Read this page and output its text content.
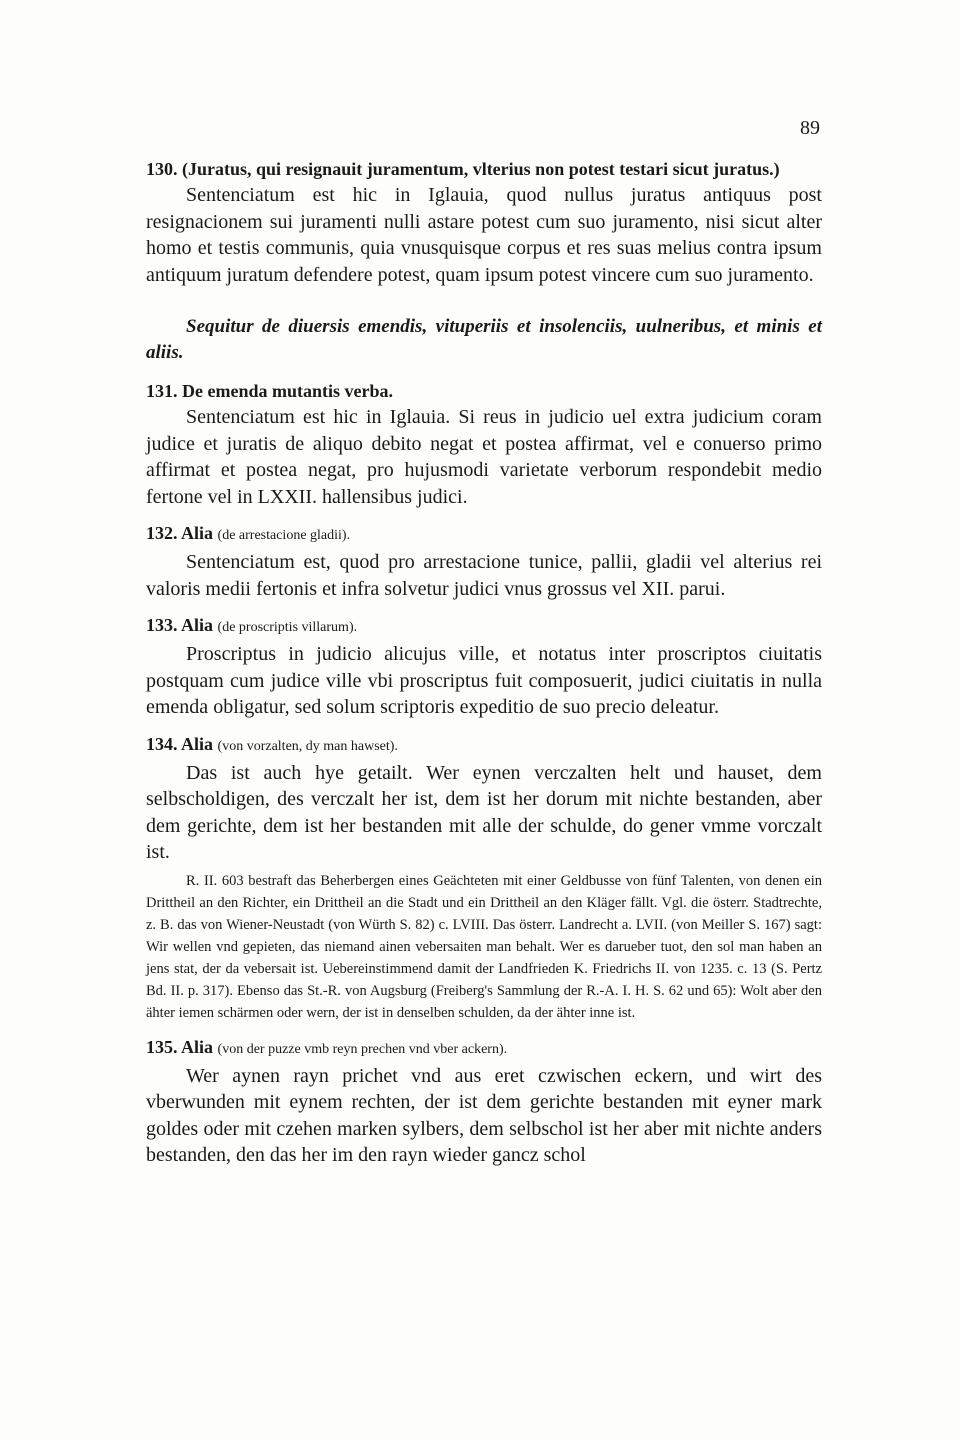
89
130. (Juratus, qui resignauit juramentum, vlterius non potest testari sicut juratus.)

Sentenciatum est hic in Iglauia, quod nullus juratus antiquus post resignacionem sui juramenti nulli astare potest cum suo juramento, nisi sicut alter homo et testis communis, quia vnusquisque corpus et res suas melius contra ipsum antiquum juratum defendere potest, quam ipsum potest vincere cum suo juramento.

Sequitur de diuersis emendis, vituperiis et insolenciis, uulneribus, et minis et aliis.

131. De emenda mutantis verba.

Sentenciatum est hic in Iglauia. Si reus in judicio uel extra judicium coram judice et juratis de aliquo debito negat et postea affirmat, vel e conuerso primo affirmat et postea negat, pro hujusmodi varietate verborum respondebit medio fertone vel in LXXII. hallensibus judici.

132. Alia (de arrestacione gladii).

Sentenciatum est, quod pro arrestacione tunice, pallii, gladii vel alterius rei valoris medii fertonis et infra solvetur judici vnus grossus vel XII. parui.

133. Alia (de proscriptis villarum).

Proscriptus in judicio alicujus ville, et notatus inter proscriptos ciuitatis postquam cum judice ville vbi proscriptus fuit composuerit, judici ciuitatis in nulla emenda obligatur, sed solum scriptoris expeditio de suo precio deleatur.

134. Alia (von vorzalten, dy man hawset).

Das ist auch hye getailt. Wer eynen verczalten helt und hauset, dem selbscholdigen, des verczalt her ist, dem ist her dorum mit nichte bestanden, aber dem gerichte, dem ist her bestanden mit alle der schulde, do gener vmme vorczalt ist.

R. II. 603 bestraft das Beherbergen eines Geächteten mit einer Geldbusse von fünf Talenten, von denen ein Drittheil an den Richter, ein Drittheil an die Stadt und ein Drittheil an den Kläger fällt. Vgl. die österr. Stadtrechte, z. B. das von Wiener-Neustadt (von Würth S. 82) c. LVIII. Das österr. Landrecht a. LVII. (von Meiller S. 167) sagt: Wir wellen vnd gepieten, das niemand ainen vebersaiten man behalt. Wer es darueber tuot, den sol man haben an jens stat, der da vebersait ist. Uebereinstimmend damit der Landfrieden K. Friedrichs II. von 1235. c. 13 (S. Pertz Bd. II. p. 317). Ebenso das St.-R. von Augsburg (Freiberg's Sammlung der R.-A. I. H. S. 62 und 65): Wolt aber den ähter iemen schärmen oder wern, der ist in denselben schulden, da der ähter inne ist.

135. Alia (von der puzze vmb reyn prechen vnd vber ackern).

Wer aynen rayn prichet vnd aus eret czwischen eckern, und wirt des vberwunden mit eynem rechten, der ist dem gerichte bestanden mit eyner mark goldes oder mit czehen marken sylbers, dem selbschol ist her aber mit nichte anders bestanden, den das her im den rayn wieder gancz schol
